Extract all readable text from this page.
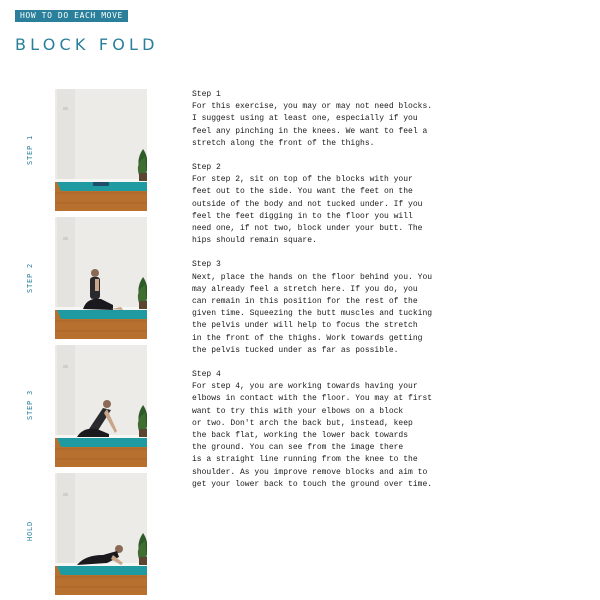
HOW TO DO EACH MOVE
BLOCK FOLD
STEP 1
STEP 2
STEP 3
HOLD
Step 1
For this exercise, you may or may not need blocks.
I suggest using at least one, especially if you
feel any pinching in the knees. We want to feel a
stretch along the front of the thighs.
Step 2
For step 2, sit on top of the blocks with your
feet out to the side. You want the feet on the
outside of the body and not tucked under. If you
feel the feet digging in to the floor you will
need one, if not two, block under your butt. The
hips should remain square.
Step 3
Next, place the hands on the floor behind you. You
may already feel a stretch here. If you do, you
can remain in this position for the rest of the
given time. Squeezing the butt muscles and tucking
the pelvis under will help to focus the stretch
in the front of the thighs. Work towards getting
the pelvis tucked under as far as possible.
Step 4
For step 4, you are working towards having your
elbows in contact with the floor. You may at first
want to try this with your elbows on a block
or two. Don't arch the back but, instead, keep
the back flat, working the lower back towards
the ground. You can see from the image there
is a straight line running from the knee to the
shoulder. As you improve remove blocks and aim to
get your lower back to touch the ground over time.
